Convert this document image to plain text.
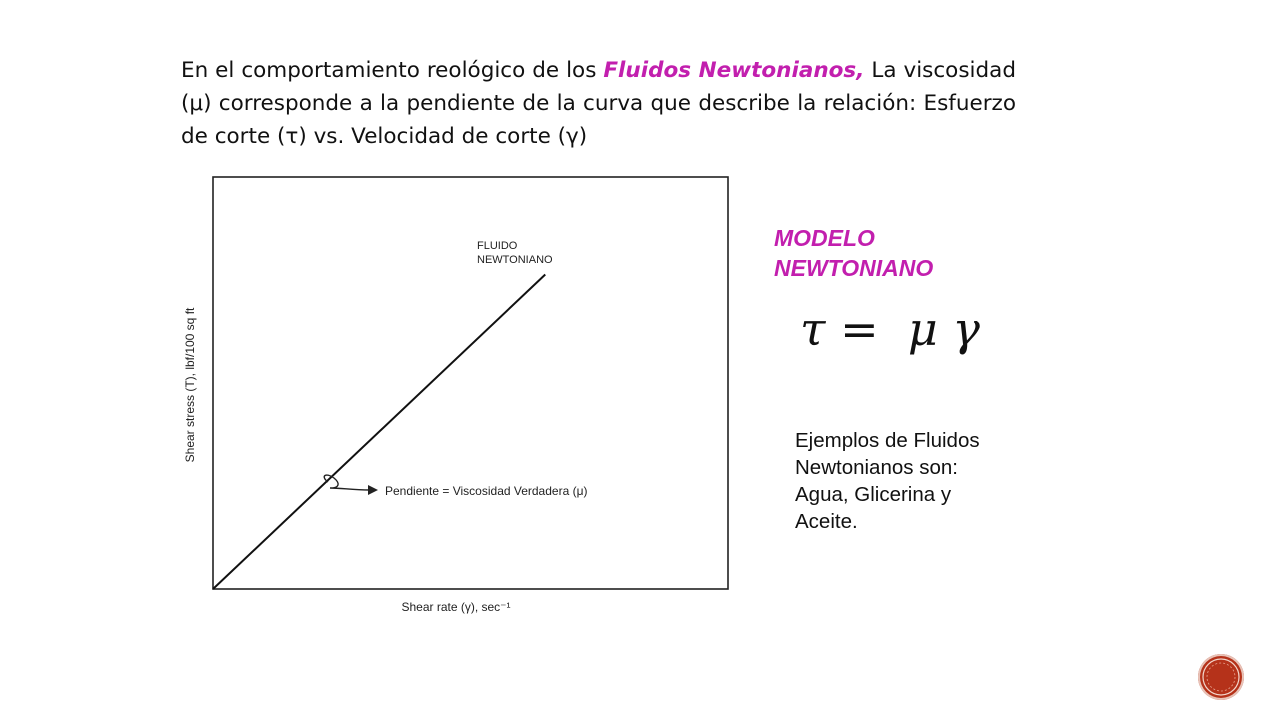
En el comportamiento reológico de los Fluidos Newtonianos, La viscosidad (μ) corresponde a la pendiente de la curva que describe la relación: Esfuerzo de corte (τ) vs. Velocidad de corte (γ)

FLUIDO
NEWTONIANO
Pendiente = Viscosidad Verdadera (μ)
Shear rate (γ), sec⁻¹
Shear stress (T), lbf/100 sq ft

MODELO
NEWTONIANO

τ =  μ γ

Ejemplos de Fluidos
Newtonianos son:
Agua, Glicerina y
Aceite.
